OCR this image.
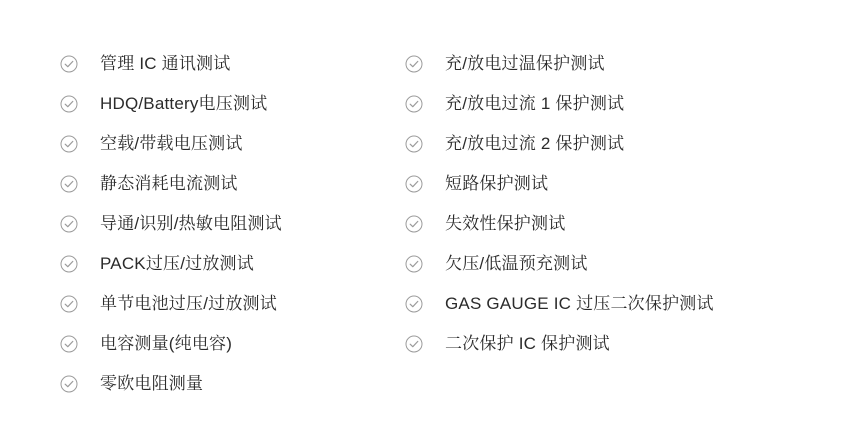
管理 IC 通讯测试
HDQ/Battery电压测试
空载/带载电压测试
静态消耗电流测试
导通/识别/热敏电阻测试
PACK过压/过放测试
单节电池过压/过放测试
电容测量(纯电容)
零欧电阻测量
充/放电过温保护测试
充/放电过流 1 保护测试
充/放电过流 2 保护测试
短路保护测试
失效性保护测试
欠压/低温预充测试
GAS GAUGE IC 过压二次保护测试
二次保护 IC 保护测试
